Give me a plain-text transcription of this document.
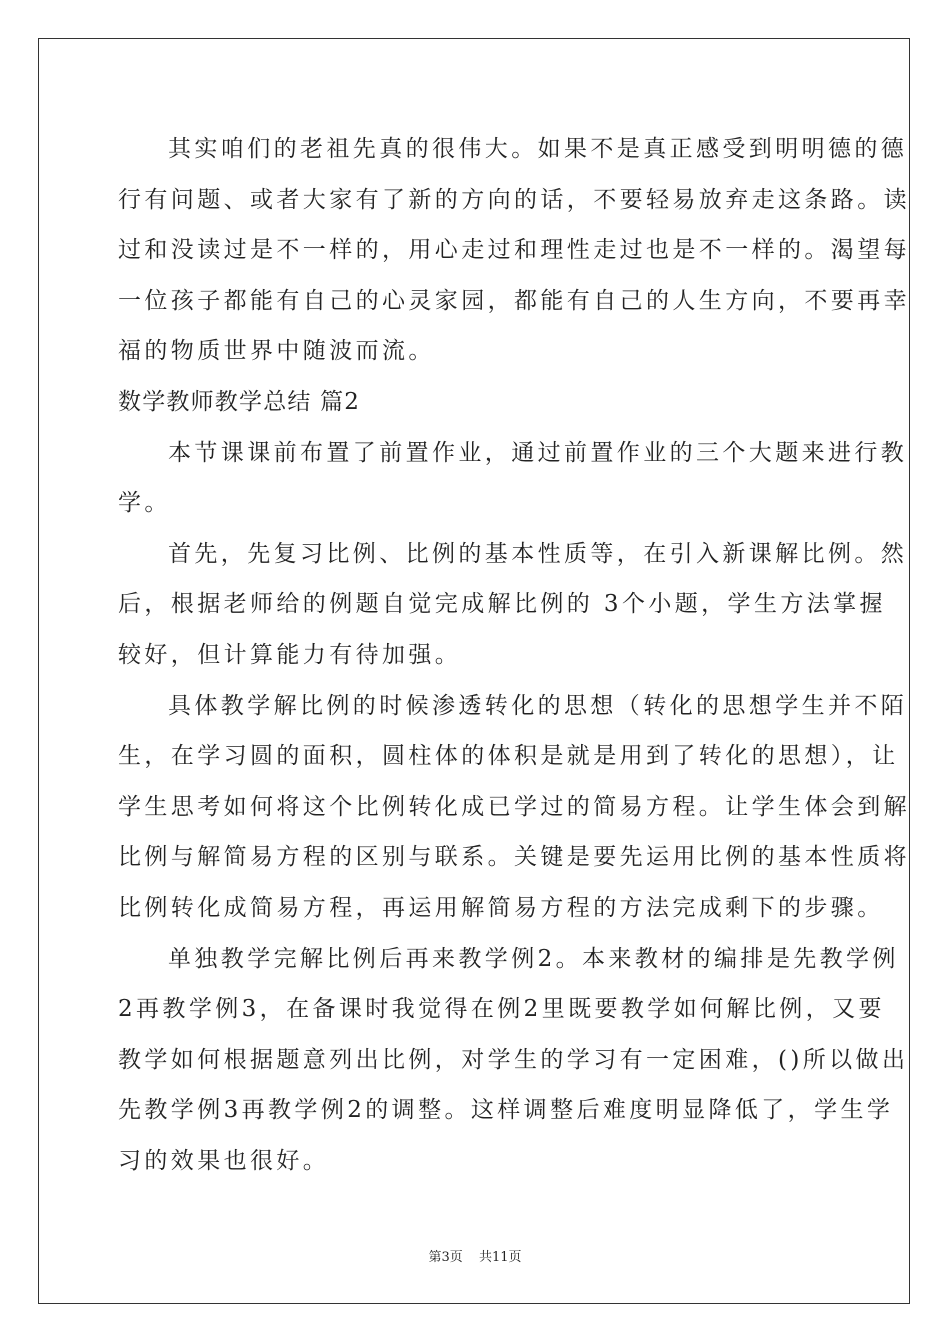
其实咱们的老祖先真的很伟大。如果不是真正感受到明明德的德
行有问题、或者大家有了新的方向的话，不要轻易放弃走这条路。读
过和没读过是不一样的，用心走过和理性走过也是不一样的。渴望每
一位孩子都能有自己的心灵家园，都能有自己的人生方向，不要再幸
福的物质世界中随波而流。
数学教师教学总结 篇2
本节课课前布置了前置作业，通过前置作业的三个大题来进行教
学。
首先，先复习比例、比例的基本性质等，在引入新课解比例。然
后，根据老师给的例题自觉完成解比例的 3个小题，学生方法掌握
较好，但计算能力有待加强。
具体教学解比例的时候渗透转化的思想（转化的思想学生并不陌
生，在学习圆的面积，圆柱体的体积是就是用到了转化的思想），让
学生思考如何将这个比例转化成已学过的简易方程。让学生体会到解
比例与解简易方程的区别与联系。关键是要先运用比例的基本性质将
比例转化成简易方程，再运用解简易方程的方法完成剩下的步骤。
单独教学完解比例后再来教学例2。本来教材的编排是先教学例
2再教学例3，在备课时我觉得在例2里既要教学如何解比例，又要
教学如何根据题意列出比例，对学生的学习有一定困难，()所以做出
先教学例3再教学例2的调整。这样调整后难度明显降低了，学生学
习的效果也很好。
第3页 共11页
